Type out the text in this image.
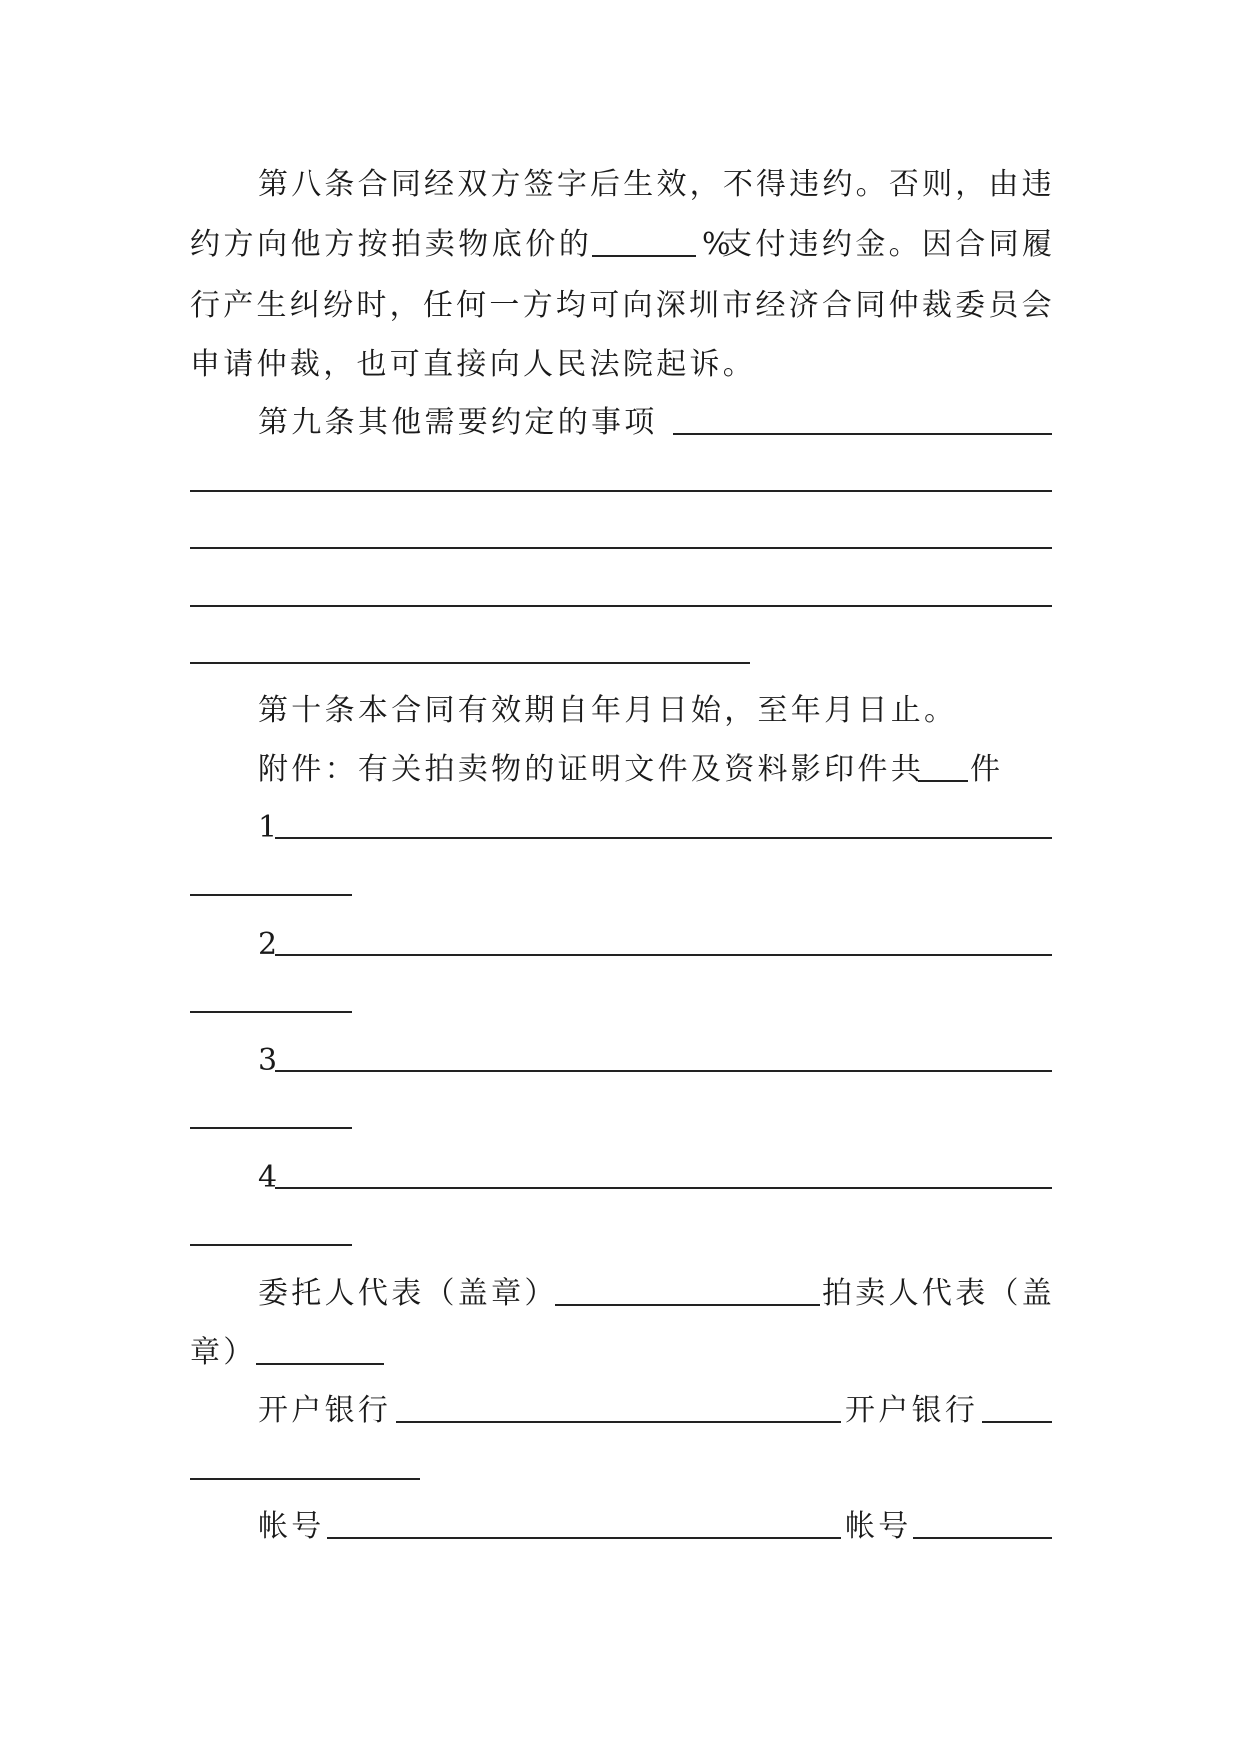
第 八 条 合 同 经 双 方 签 字 后 生 效 ， 不 得 违 约 。 否 则 ， 由 违
约 方 向 他 方 按 拍 卖 物 底 价 的	%
支 付 违 约 金 。 因 合 同 履
行 产 生 纠 纷 时 ， 任 何 一 方 均 可 向 深 圳 市 经 济 合 同 仲 裁 委 员 会
申请仲裁，也可直接向人民法院起诉。
第九条其他需要约定的事项
第十条本合同有效期自年月日始，至年月日止。
附件：有关拍卖物的证明文件及资料影印件共	件
1
2
3
4
委托人代表（盖章）	拍卖人代表（盖
章）
开户银行	开户银行
帐号	帐号
